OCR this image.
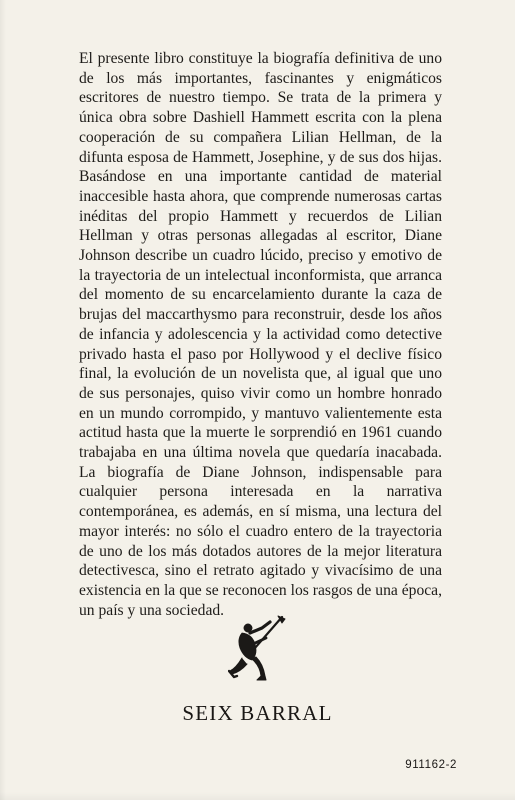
El presente libro constituye la biografía definitiva de uno de los más importantes, fascinantes y enigmáticos escritores de nuestro tiempo. Se trata de la primera y única obra sobre Dashiell Hammett escrita con la plena cooperación de su compañera Lilian Hellman, de la difunta esposa de Hammett, Josephine, y de sus dos hijas. Basándose en una importante cantidad de material inaccesible hasta ahora, que comprende numerosas cartas inéditas del propio Hammett y recuerdos de Lilian Hellman y otras personas allegadas al escritor, Diane Johnson describe un cuadro lúcido, preciso y emotivo de la trayectoria de un intelectual inconformista, que arranca del momento de su encarcelamiento durante la caza de brujas del maccarthysmo para reconstruir, desde los años de infancia y adolescencia y la actividad como detective privado hasta el paso por Hollywood y el declive físico final, la evolución de un novelista que, al igual que uno de sus personajes, quiso vivir como un hombre honrado en un mundo corrompido, y mantuvo valientemente esta actitud hasta que la muerte le sorprendió en 1961 cuando trabajaba en una última novela que quedaría inacabada. La biografía de Diane Johnson, indispensable para cualquier persona interesada en la narrativa contemporánea, es además, en sí misma, una lectura del mayor interés: no sólo el cuadro entero de la trayectoria de uno de los más dotados autores de la mejor literatura detectivesca, sino el retrato agitado y vivacísimo de una existencia en la que se reconocen los rasgos de una época, un país y una sociedad.

SEIX BARRAL
911162-2
